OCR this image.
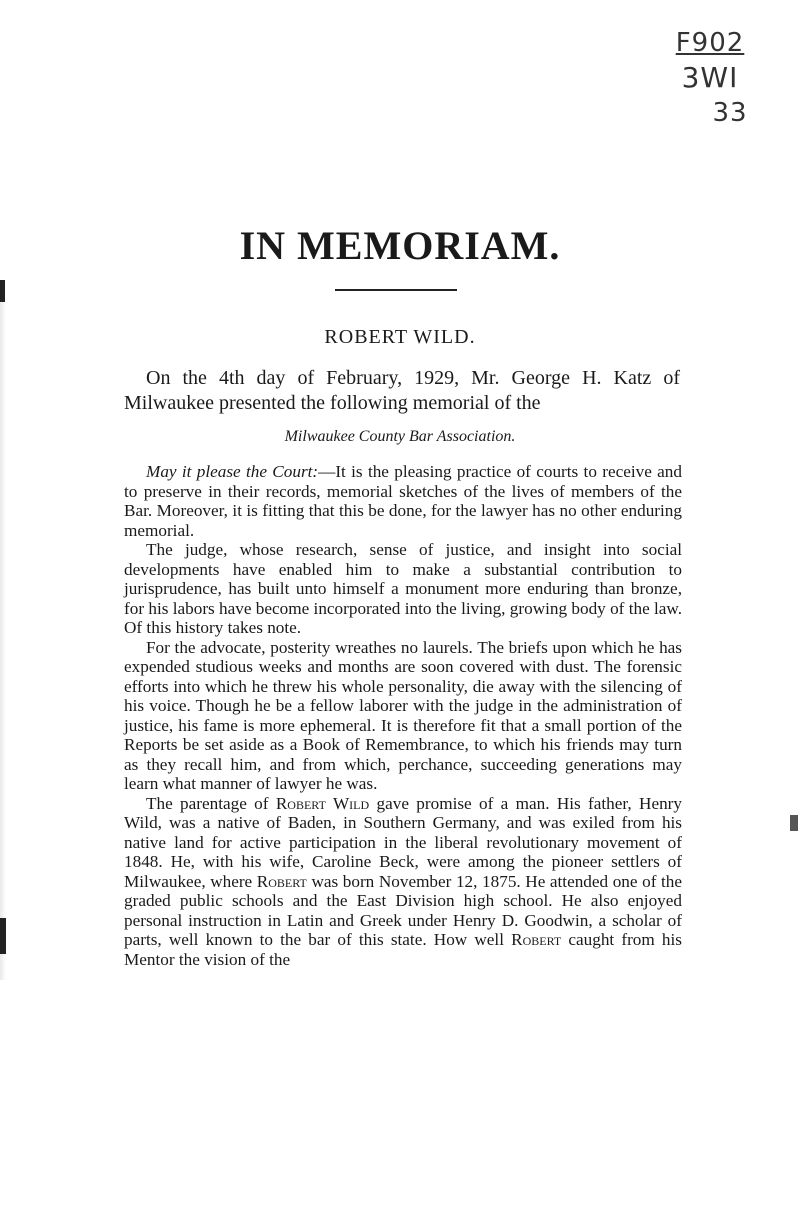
F902
3WI
33
IN MEMORIAM.
ROBERT WILD.
On the 4th day of February, 1929, Mr. George H. Katz of Milwaukee presented the following memorial of the
Milwaukee County Bar Association.

May it please the Court:—It is the pleasing practice of courts to receive and to preserve in their records, memorial sketches of the lives of members of the Bar. Moreover, it is fitting that this be done, for the lawyer has no other enduring memorial.

The judge, whose research, sense of justice, and insight into social developments have enabled him to make a substantial contribution to jurisprudence, has built unto himself a monument more enduring than bronze, for his labors have become incorporated into the living, growing body of the law. Of this history takes note.

For the advocate, posterity wreathes no laurels. The briefs upon which he has expended studious weeks and months are soon covered with dust. The forensic efforts into which he threw his whole personality, die away with the silencing of his voice. Though he be a fellow laborer with the judge in the administration of justice, his fame is more ephemeral. It is therefore fit that a small portion of the Reports be set aside as a Book of Remembrance, to which his friends may turn as they recall him, and from which, perchance, succeeding generations may learn what manner of lawyer he was.

The parentage of Robert Wild gave promise of a man. His father, Henry Wild, was a native of Baden, in Southern Germany, and was exiled from his native land for active participation in the liberal revolutionary movement of 1848. He, with his wife, Caroline Beck, were among the pioneer settlers of Milwaukee, where Robert was born November 12, 1875. He attended one of the graded public schools and the East Division high school. He also enjoyed personal instruction in Latin and Greek under Henry D. Goodwin, a scholar of parts, well known to the bar of this state. How well Robert caught from his Mentor the vision of the
